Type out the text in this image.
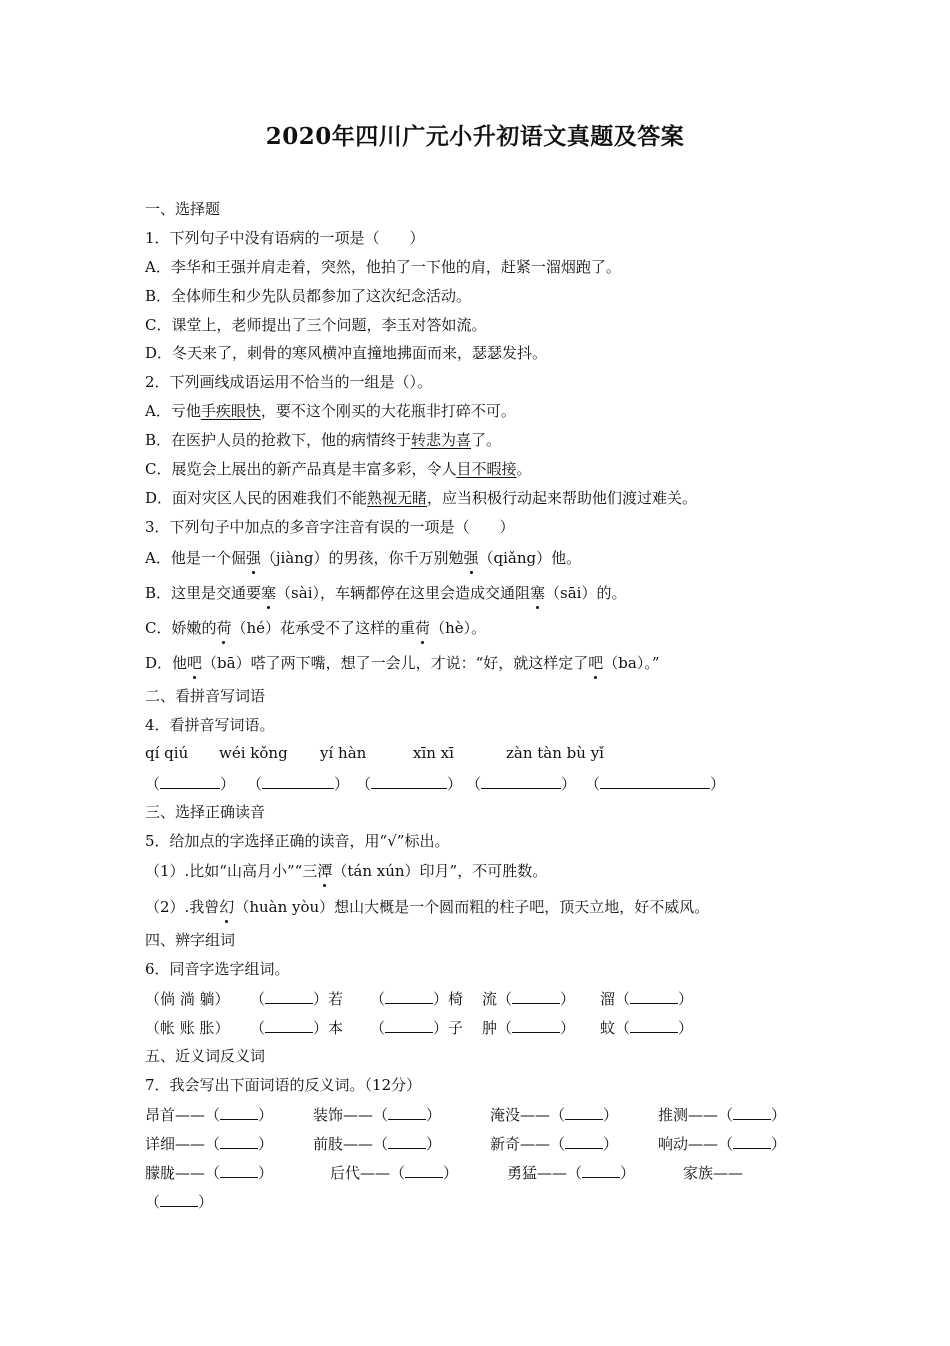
2020年四川广元小升初语文真题及答案
一、选择题
1．下列句子中没有语病的一项是（　　）
A．李华和王强并肩走着，突然，他拍了一下他的肩，赶紧一溜烟跑了。
B．全体师生和少先队员都参加了这次纪念活动。
C．课堂上，老师提出了三个问题，李玉对答如流。
D．冬天来了，刺骨的寒风横冲直撞地拂面而来，瑟瑟发抖。
2．下列画线成语运用不恰当的一组是（）。
A．亏他手疾眼快，要不这个刚买的大花瓶非打碎不可。
B．在医护人员的抢救下，他的病情终于转悲为喜了。
C．展览会上展出的新产品真是丰富多彩，令人目不暇接。
D．面对灾区人民的困难我们不能熟视无睹，应当积极行动起来帮助他们渡过难关。
3．下列句子中加点的多音字注音有误的一项是（　　）
A．他是一个倔强（jiàng）的男孩，你千万别勉强（qiǎng）他。
B．这里是交通要塞（sài），车辆都停在这里会造成交通阻塞（sāi）的。
C．娇嫩的荷（hé）花承受不了这样的重荷（hè）。
D．他吧（bā）嗒了两下嘴，想了一会儿，才说：“好，就这样定了吧（ba）。”
二、看拼音写词语
4．看拼音写词语。
qí qiú wéi kǒng yí hàn	xīn xī	zàn tàn bù yǐ
（	） （	） （	） （	） （	）
三、选择正确读音
5．给加点的字选择正确的读音，用“√”标出。
（1）.比如“山高月小”“三潭（tán xún）印月”，不可胜数。
（2）.我曾幻（huàn yòu）想山大概是一个圆而粗的柱子吧，顶天立地，好不威风。
四、辨字组词
6．同音字选字组词。
（倘 淌 躺） （	）若 （	）椅 流（	） 溜（	）
（帐 账 胀） （	）本 （	）子 肿（	） 蚊（	）
五、近义词反义词
7．我会写出下面词语的反义词。（12分）
昂首——（	）	装饰——（	）	淹没——（	）	推测——（	）
详细——（	）	前肢——（	）	新奇——（	）	响动——（	）
朦胧——（	）	后代——（	）	勇猛——（	）	家族——
（	）
